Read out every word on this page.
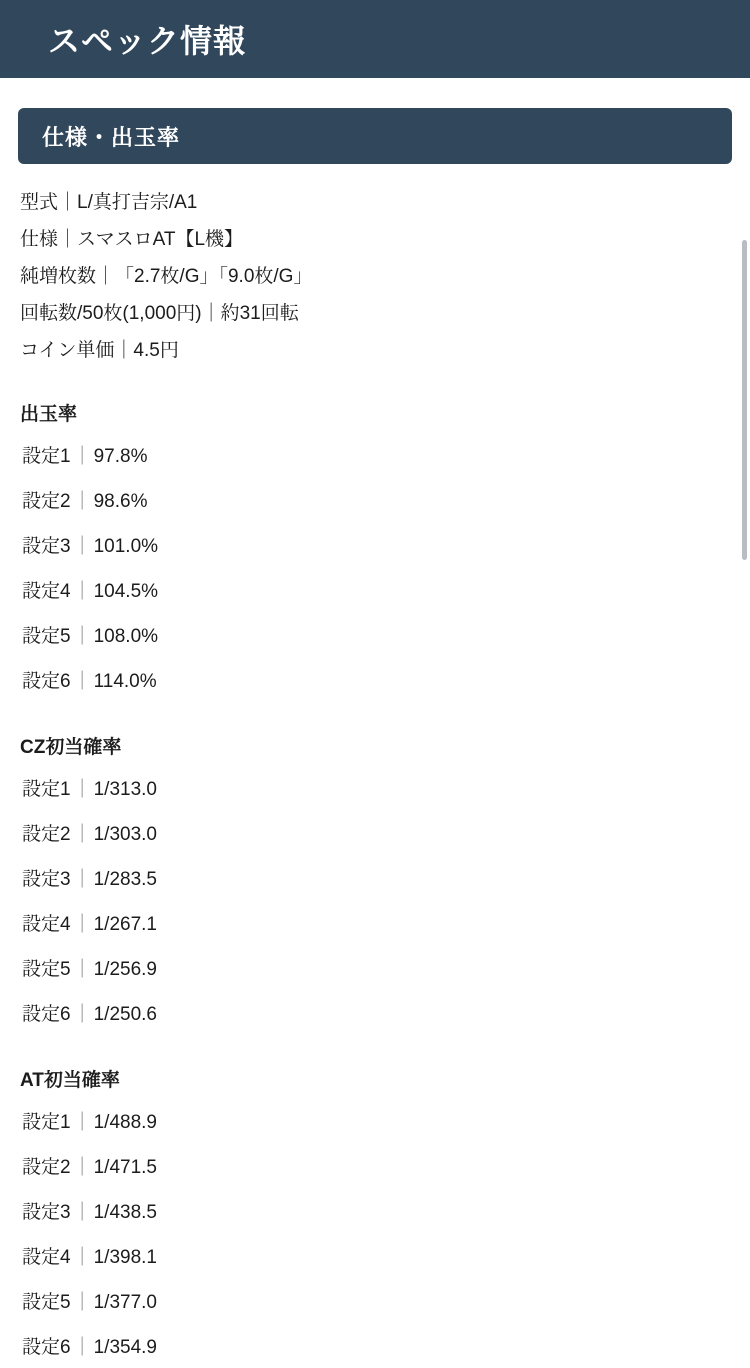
スペック情報
仕様・出玉率
型式｜L/真打吉宗/A1
仕様｜スマスロAT【L機】
純増枚数｜「2.7枚/G」「9.0枚/G」
回転数/50枚(1,000円)｜約31回転
コイン単価｜4.5円
出玉率
設定1 ｜ 97.8%
設定2 ｜ 98.6%
設定3 ｜ 101.0%
設定4 ｜ 104.5%
設定5 ｜ 108.0%
設定6 ｜ 114.0%
CZ初当確率
設定1 ｜ 1/313.0
設定2 ｜ 1/303.0
設定3 ｜ 1/283.5
設定4 ｜ 1/267.1
設定5 ｜ 1/256.9
設定6 ｜ 1/250.6
AT初当確率
設定1 ｜ 1/488.9
設定2 ｜ 1/471.5
設定3 ｜ 1/438.5
設定4 ｜ 1/398.1
設定5 ｜ 1/377.0
設定6 ｜ 1/354.9
